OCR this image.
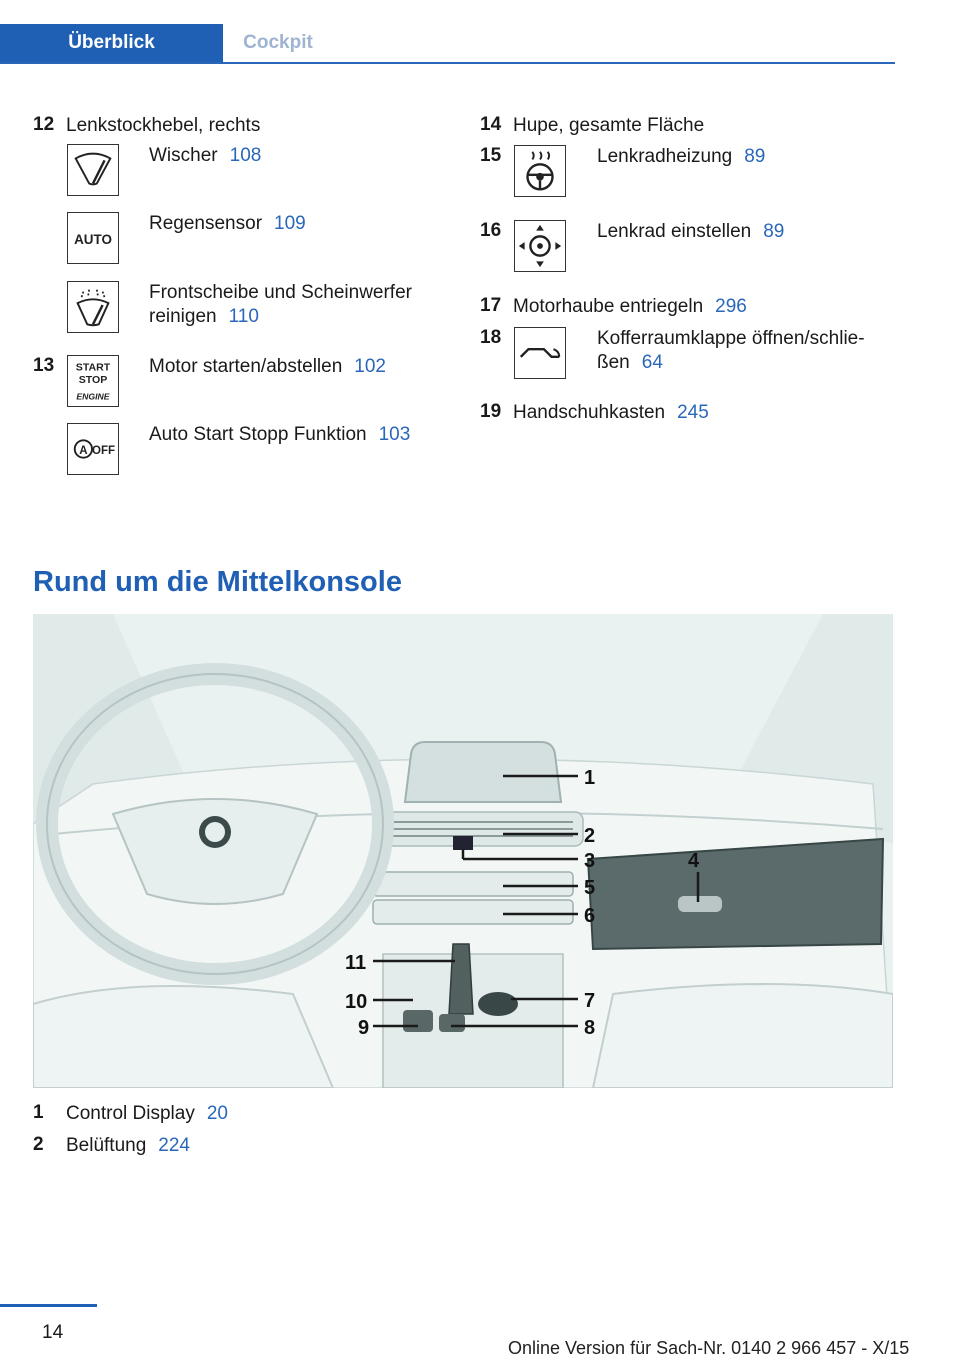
Überblick	Cockpit
12 Lenkstockhebel, rechts
Wischer 108
AUTO
Regensensor 109
Frontscheibe und Scheinwerfer
reinigen 110
13 START
STOP
ENGINE
Motor starten/abstellen 102
A OFF
Auto Start Stopp Funktion 103
14 Hupe, gesamte Fläche
15	Lenkradheizung 89
16	Lenkrad einstellen 89
17 Motorhaube entriegeln 296
18	Kofferraumklappe öffnen/schlie-
ßen 64
19 Handschuhkasten 245
Rund um die Mittelkonsole
1
2
3	4
5
6
7
8
9
10
11
1 Control Display 20
2 Belüftung 224
14
Online Version für Sach-Nr. 0140 2 966 457 - X/15
